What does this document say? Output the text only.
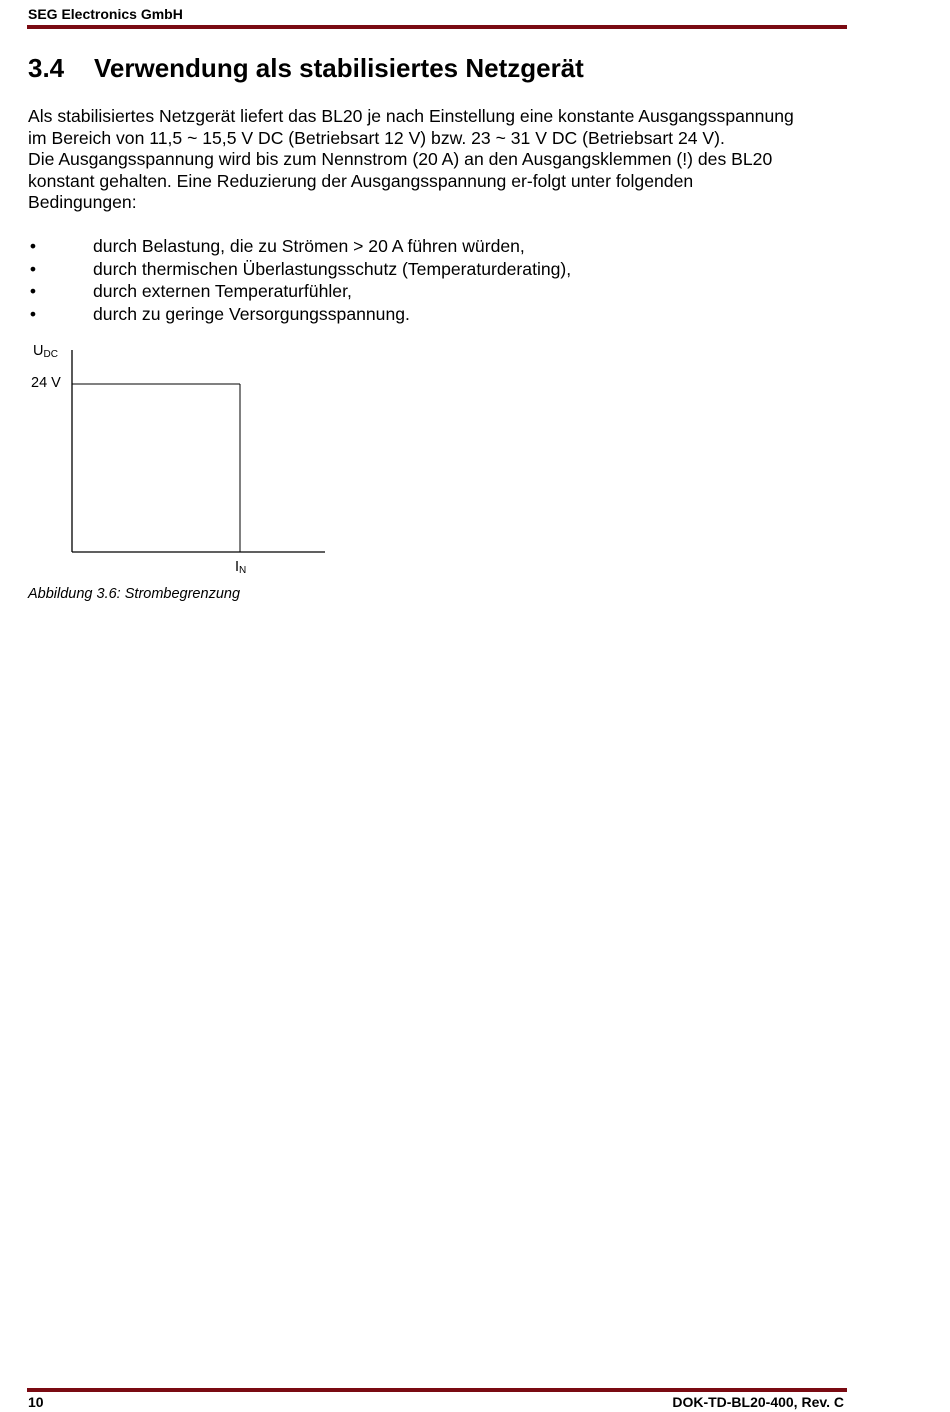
SEG Electronics GmbH
3.4 Verwendung als stabilisiertes Netzgerät

Als stabilisiertes Netzgerät liefert das BL20 je nach Einstellung eine konstante Ausgangsspannung

im Bereich von 11,5 ~ 15,5 V DC (Betriebsart 12 V) bzw. 23 ~ 31 V DC (Betriebsart 24 V).

Die Ausgangsspannung wird bis zum Nennstrom (20 A) an den Ausgangsklemmen (!) des BL20

konstant gehalten. Eine Reduzierung der Ausgangsspannung er-folgt unter folgenden

Bedingungen:

•	durch Belastung, die zu Strömen > 20 A führen würden,
•	durch thermischen Überlastungsschutz (Temperaturderating),
•	durch externen Temperaturfühler,
•	durch zu geringe Versorgungsspannung.
$U_{DC}$
24 V
$I_N$
Abbildung 3.6: Strombegrenzung
10	DOK-TD-BL20-400, Rev. C
